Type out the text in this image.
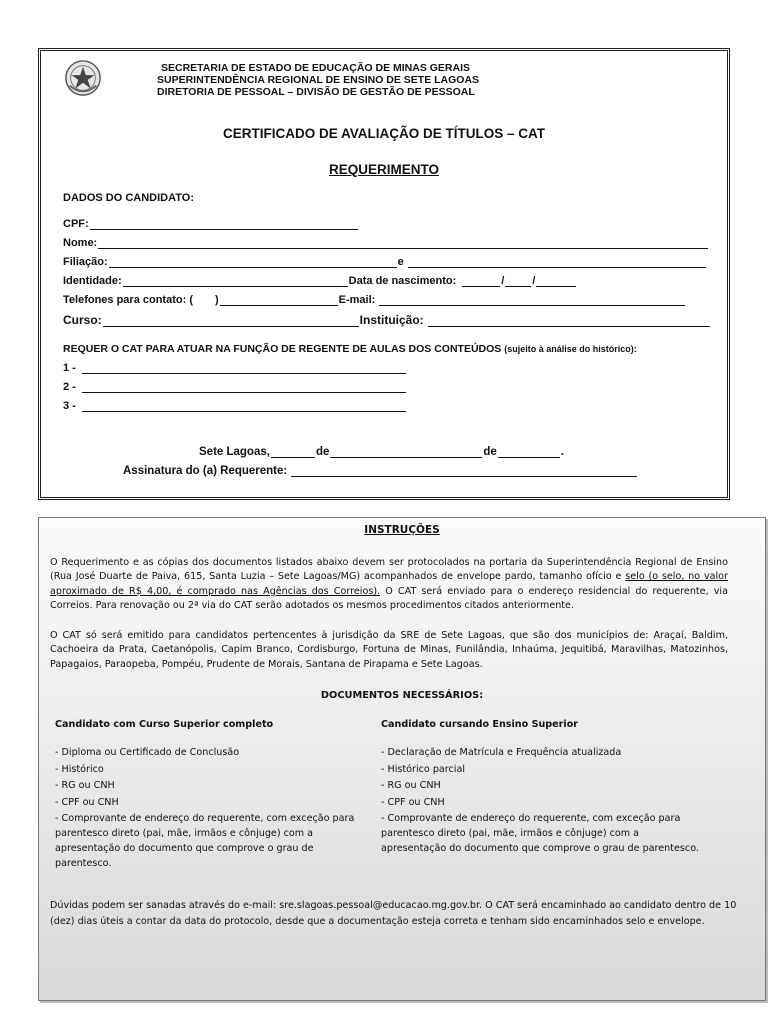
SECRETARIA DE ESTADO DE EDUCAÇÃO DE MINAS GERAIS
SUPERINTENDÊNCIA REGIONAL DE ENSINO DE SETE LAGOAS
DIRETORIA DE PESSOAL – DIVISÃO DE GESTÃO DE PESSOAL
CERTIFICADO DE AVALIAÇÃO DE TÍTULOS – CAT
REQUERIMENTO
DADOS DO CANDIDATO:
CPF:
Nome:
Filiação:	e
Identidade:	Data de nascimento:	/	/
Telefones para contato: ( )	E-mail:
Curso:	Instituição:
REQUER O CAT PARA ATUAR NA FUNÇÃO DE REGENTE DE AULAS DOS CONTEÚDOS (sujeito à análise do histórico):
1 -
2 -
3 -
Sete Lagoas,	de	de	.
Assinatura do (a) Requerente:
INSTRUÇÕES
O Requerimento e as cópias dos documentos listados abaixo devem ser protocolados na portaria da Superintendência Regional de Ensino (Rua José Duarte de Paiva, 615, Santa Luzia – Sete Lagoas/MG) acompanhados de envelope pardo, tamanho ofício e selo (o selo, no valor aproximado de R$ 4,00, é comprado nas Agências dos Correios). O CAT será enviado para o endereço residencial do requerente, via Correios. Para renovação ou 2ª via do CAT serão adotados os mesmos procedimentos citados anteriormente.
O CAT só será emitido para candidatos pertencentes à jurisdição da SRE de Sete Lagoas, que são dos municípios de: Araçaí, Baldim, Cachoeira da Prata, Caetanópolis, Capim Branco, Cordisburgo, Fortuna de Minas, Funilândia, Inhaúma, Jequitibá, Maravilhas, Matozinhos, Papagaios, Paraopeba, Pompéu, Prudente de Morais, Santana de Pirapama e Sete Lagoas.
DOCUMENTOS NECESSÁRIOS:
Candidato com Curso Superior completo
- Diploma ou Certificado de Conclusão
- Histórico
- RG ou CNH
- CPF ou CNH
- Comprovante de endereço do requerente, com exceção para parentesco direto (pai, mãe, irmãos e cônjuge) com a apresentação do documento que comprove o grau de parentesco.
Candidato cursando Ensino Superior
- Declaração de Matrícula e Frequência atualizada
- Histórico parcial
- RG ou CNH
- CPF ou CNH
- Comprovante de endereço do requerente, com exceção para parentesco direto (pai, mãe, irmãos e cônjuge) com a apresentação do documento que comprove o grau de parentesco.
Dúvidas podem ser sanadas através do e-mail: sre.slagoas.pessoal@educacao.mg.gov.br. O CAT será encaminhado ao candidato dentro de 10 (dez) dias úteis a contar da data do protocolo, desde que a documentação esteja correta e tenham sido encaminhados selo e envelope.
